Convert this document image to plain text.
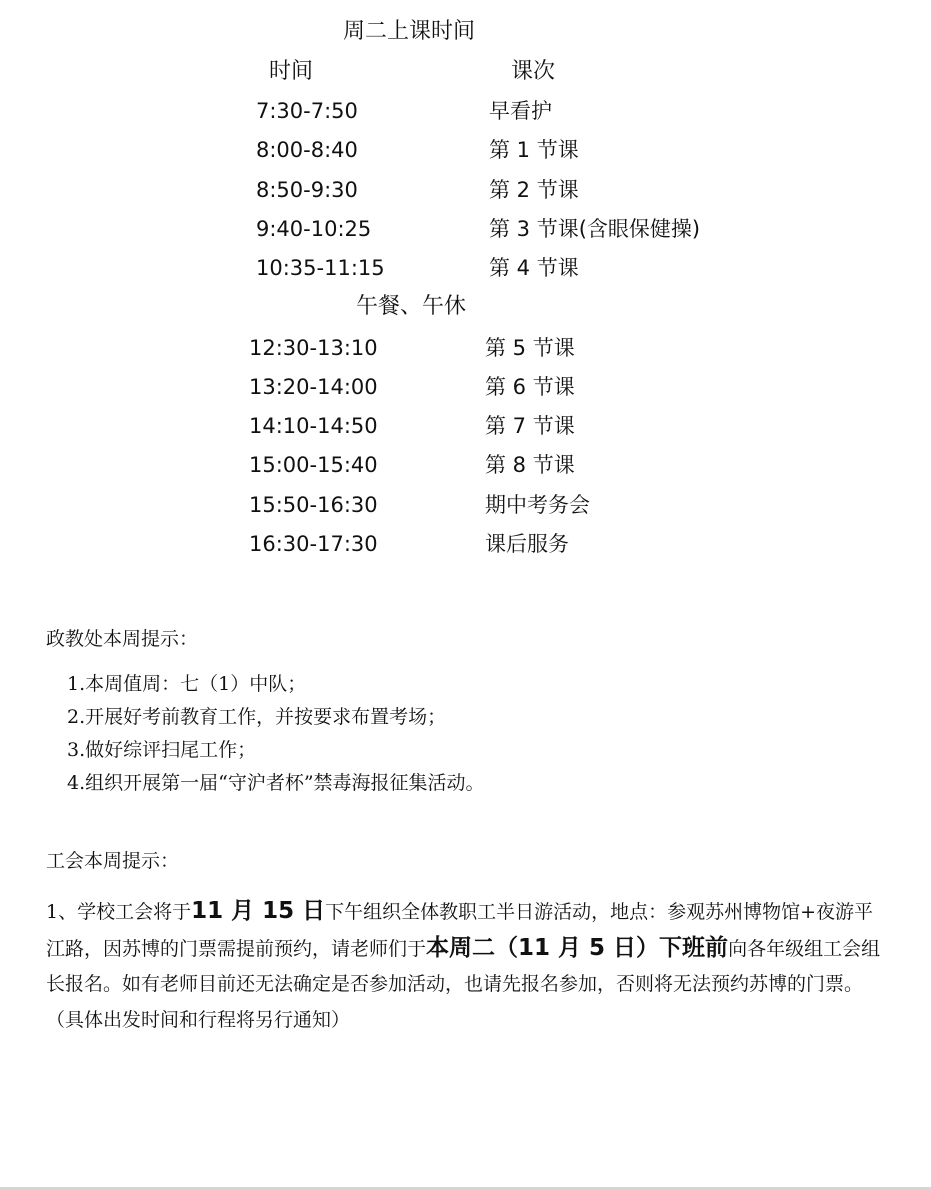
周二上课时间
时间	课次
7:30-7:50	早看护
8:00-8:40	第 1 节课
8:50-9:30	第 2 节课
9:40-10:25	第 3 节课(含眼保健操)
10:35-11:15	第 4 节课
午餐、午休
12:30-13:10	第 5 节课
13:20-14:00	第 6 节课
14:10-14:50	第 7 节课
15:00-15:40	第 8 节课
15:50-16:30	期中考务会
16:30-17:30	课后服务
政教处本周提示：
1.本周值周：七（1）中队；
2.开展好考前教育工作，并按要求布置考场；
3.做好综评扫尾工作；
4.组织开展第一届“守沪者杯”禁毒海报征集活动。
工会本周提示：
1、学校工会将于11 月 15 日下午组织全体教职工半日游活动，地点：参观苏州博物馆+夜游平江路，因苏博的门票需提前预约，请老师们于本周二（11 月 5 日）下班前向各年级组工会组长报名。如有老师目前还无法确定是否参加活动，也请先报名参加，否则将无法预约苏博的门票。（具体出发时间和行程将另行通知）
